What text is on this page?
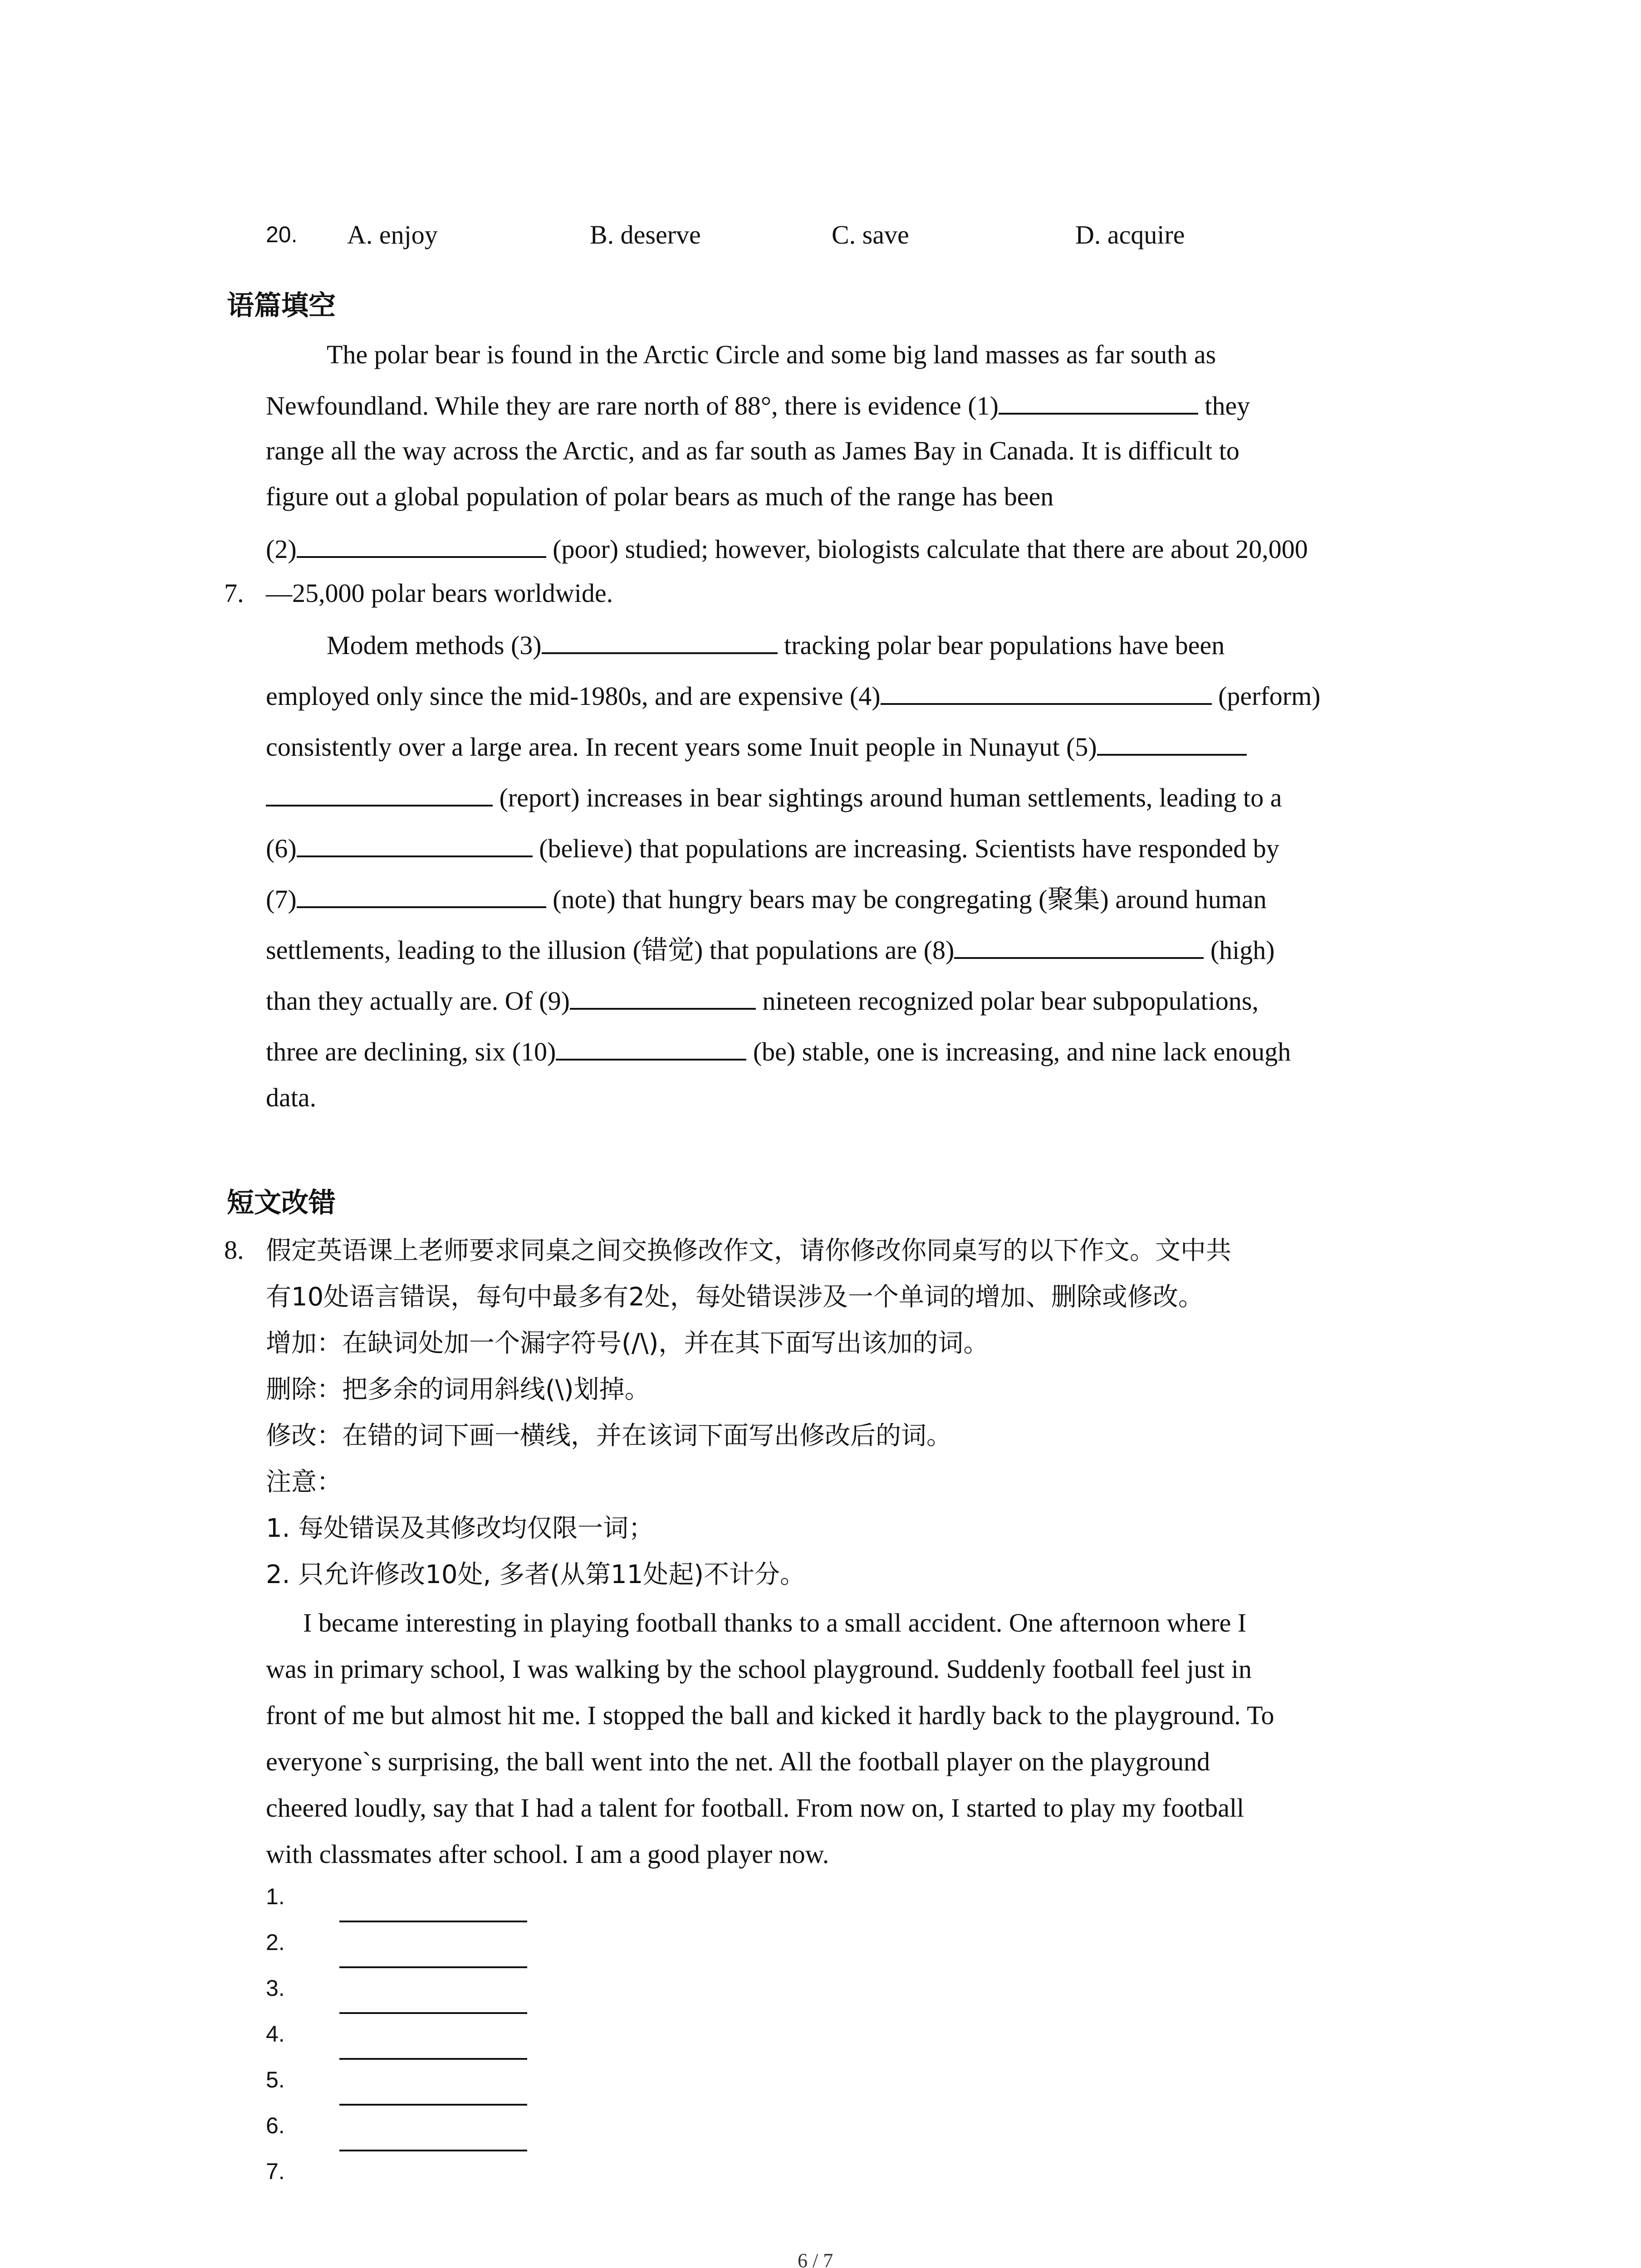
20. A. enjoy	B. deserve	C. save	D. acquire
语篇填空
The polar bear is found in the Arctic Circle and some big land masses as far south as
Newfoundland. While they are rare north of 88°, there is evidence (1)	they
range all the way across the Arctic, and as far south as James Bay in Canada. It is difficult to
figure out a global population of polar bears as much of the range has been
(2)	(poor) studied; however, biologists calculate that there are about 20,000
7. —25,000 polar bears worldwide.
Modem methods (3)	tracking polar bear populations have been
employed only since the mid-1980s, and are expensive (4)	(perform)
consistently over a large area. In recent years some Inuit people in Nunayut (5)
(report) increases in bear sightings around human settlements, leading to a
(6)	(believe) that populations are increasing. Scientists have responded by
(7)	(note) that hungry bears may be congregating (聚集) around human
settlements, leading to the illusion (错觉) that populations are (8)	(high)
than they actually are. Of (9)	nineteen recognized polar bear subpopulations,
three are declining, six (10)	(be) stable, one is increasing, and nine lack enough
data.
短文改错
8. 假定英语课上老师要求同桌之间交换修改作文，请你修改你同桌写的以下作文。文中共
有10处语言错误，每句中最多有2处，每处错误涉及一个单词的增加、删除或修改。
增加：在缺词处加一个漏字符号(/\)，并在其下面写出该加的词。
删除：把多余的词用斜线(\)划掉。
修改：在错的词下画一横线，并在该词下面写出修改后的词。
注意：
1. 每处错误及其修改均仅限一词；
2. 只允许修改10处, 多者(从第11处起)不计分。
I became interesting in playing football thanks to a small accident. One afternoon where I
was in primary school, I was walking by the school playground. Suddenly football feel just in
front of me but almost hit me. I stopped the ball and kicked it hardly back to the playground. To
everyone`s surprising, the ball went into the net. All the football player on the playground
cheered loudly, say that I had a talent for football. From now on, I started to play my football
with classmates after school. I am a good player now.
1.
2.
3.
4.
5.
6.
7.
6 / 7
